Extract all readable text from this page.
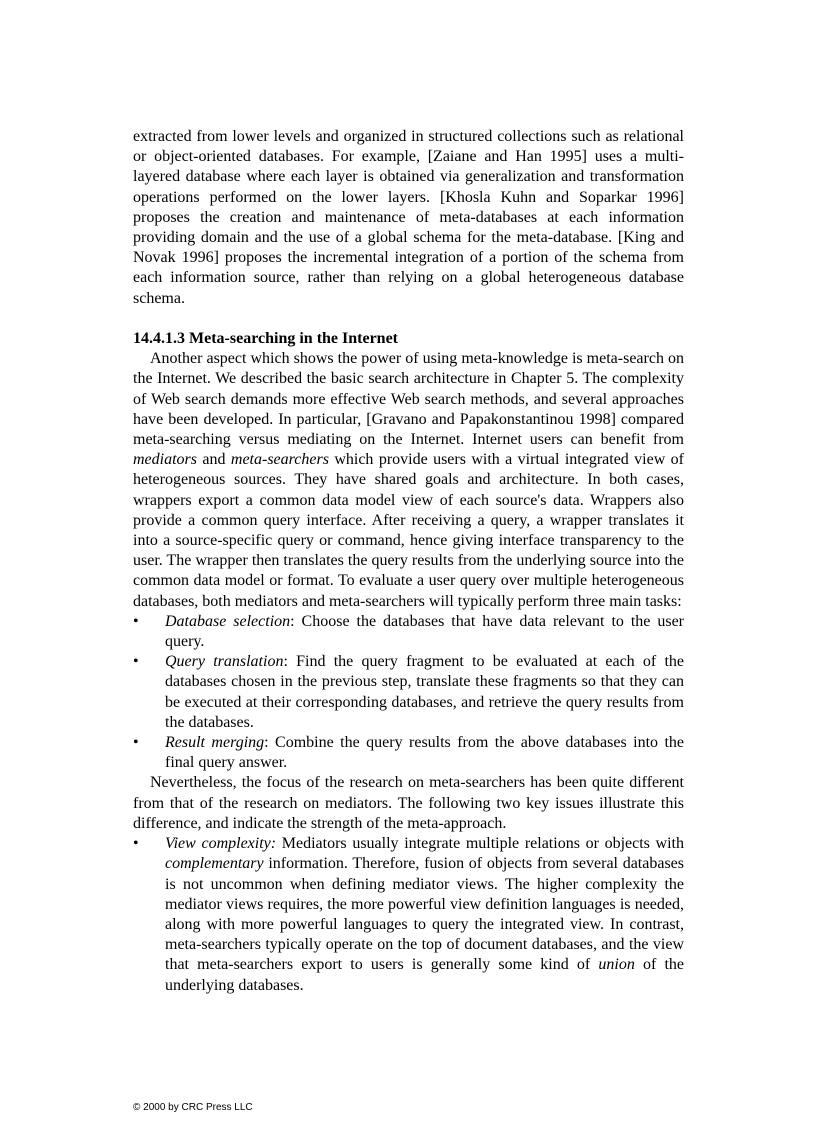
extracted from lower levels and organized in structured collections such as relational or object-oriented databases. For example, [Zaiane and Han 1995] uses a multi-layered database where each layer is obtained via generalization and transformation operations performed on the lower layers. [Khosla Kuhn and Soparkar 1996] proposes the creation and maintenance of meta-databases at each information providing domain and the use of a global schema for the meta-database. [King and Novak 1996] proposes the incremental integration of a portion of the schema from each information source, rather than relying on a global heterogeneous database schema.

14.4.1.3 Meta-searching in the Internet

Another aspect which shows the power of using meta-knowledge is meta-search on the Internet. We described the basic search architecture in Chapter 5. The complexity of Web search demands more effective Web search methods, and several approaches have been developed. In particular, [Gravano and Papakonstantinou 1998] compared meta-searching versus mediating on the Internet. Internet users can benefit from mediators and meta-searchers which provide users with a virtual integrated view of heterogeneous sources. They have shared goals and architecture. In both cases, wrappers export a common data model view of each source's data. Wrappers also provide a common query interface. After receiving a query, a wrapper translates it into a source-specific query or command, hence giving interface transparency to the user. The wrapper then translates the query results from the underlying source into the common data model or format. To evaluate a user query over multiple heterogeneous databases, both mediators and meta-searchers will typically perform three main tasks:

• Database selection: Choose the databases that have data relevant to the user query.
• Query translation: Find the query fragment to be evaluated at each of the databases chosen in the previous step, translate these fragments so that they can be executed at their corresponding databases, and retrieve the query results from the databases.
• Result merging: Combine the query results from the above databases into the final query answer.

Nevertheless, the focus of the research on meta-searchers has been quite different from that of the research on mediators. The following two key issues illustrate this difference, and indicate the strength of the meta-approach.

• View complexity: Mediators usually integrate multiple relations or objects with complementary information. Therefore, fusion of objects from several databases is not uncommon when defining mediator views. The higher complexity the mediator views requires, the more powerful view definition languages is needed, along with more powerful languages to query the integrated view. In contrast, meta-searchers typically operate on the top of document databases, and the view that meta-searchers export to users is generally some kind of union of the underlying databases.
© 2000 by CRC Press LLC
